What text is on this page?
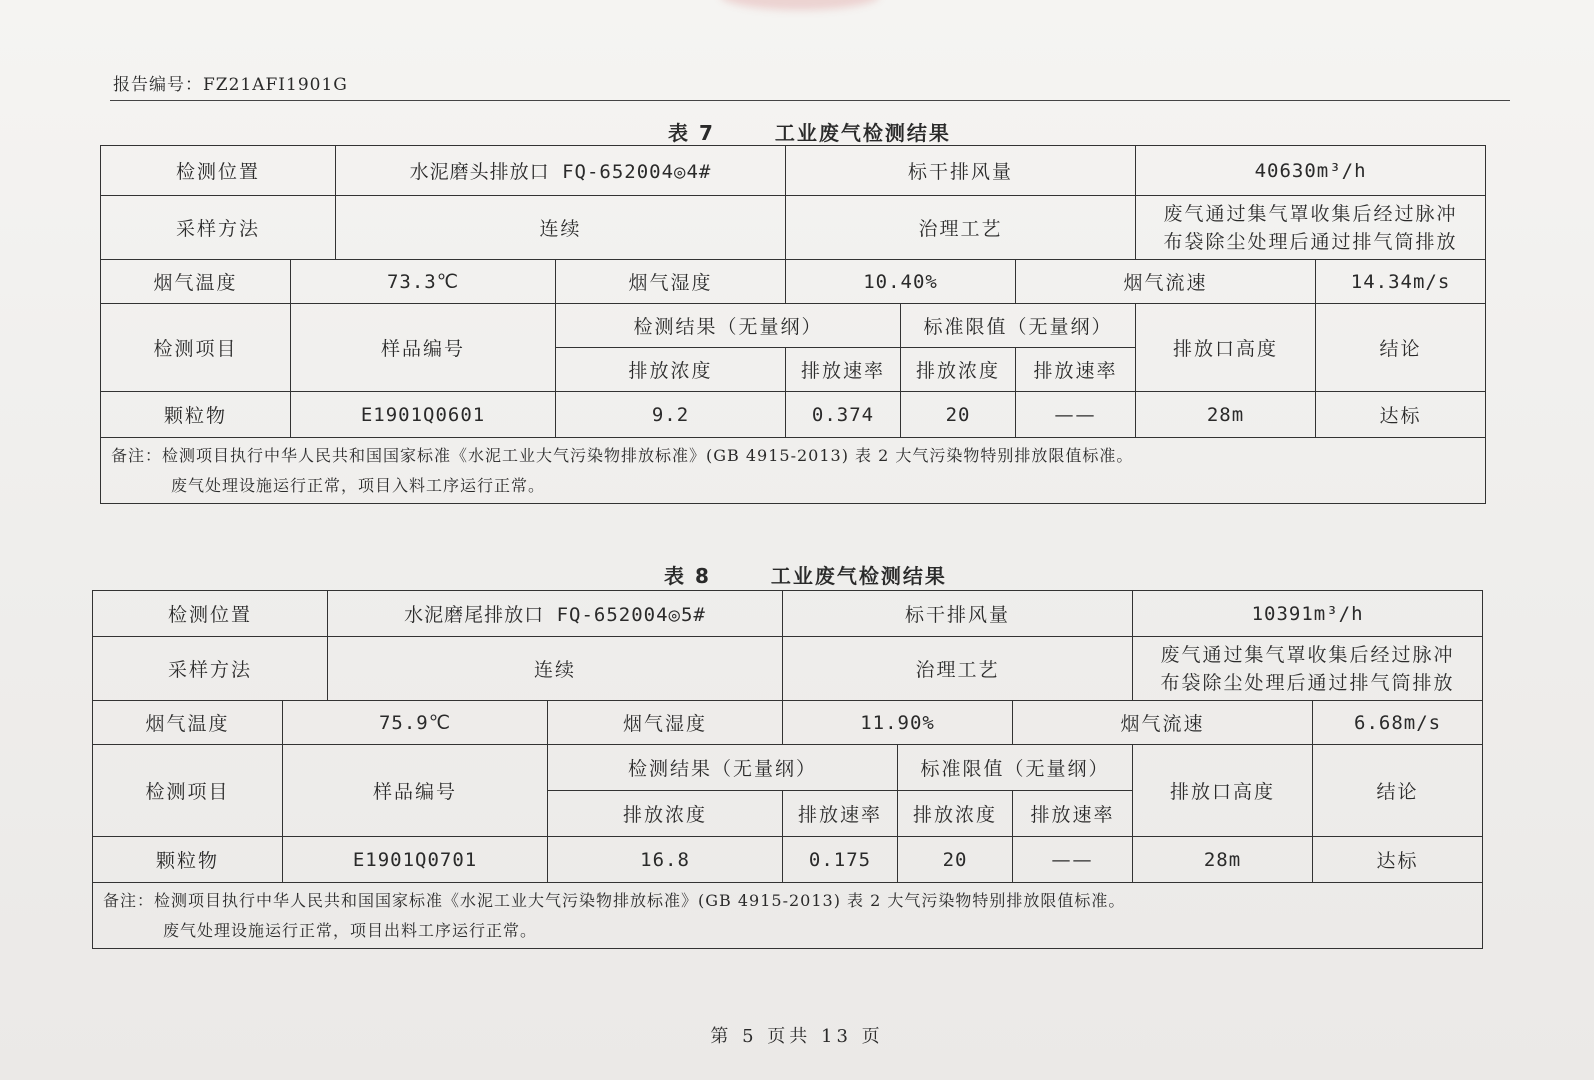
报告编号：FZ21AFI1901G
表 7	工业废气检测结果
检测位置		水泥磨头排放口 FQ-652004◎4#		标干排风量			40630m³/h	
采样方法		连续		治理工艺			废气通过集气罩收集后经过脉冲
布袋除尘处理后通过排气筒排放	

烟气温度	73.3℃		烟气湿度	10.40%		烟气流速		14.34m/s
检测项目	样品编号		检测结果（无量纲）		标准限值（无量纲）		排放口高度	结论
			排放浓度	排放速率	排放浓度	排放速率		
颗粒物	E1901Q0601		9.2	0.374	20	——	28m	达标
备注：检测项目执行中华人民共和国国家标准《水泥工业大气污染物排放标准》(GB 4915-2013) 表 2 大气污染物特别排放限值标准。
废气处理设施运行正常，项目入料工序运行正常。								
表 8	工业废气检测结果
检测位置		水泥磨尾排放口 FQ-652004◎5#		标干排风量			10391m³/h	
采样方法		连续		治理工艺			废气通过集气罩收集后经过脉冲
布袋除尘处理后通过排气筒排放	

烟气温度	75.9℃		烟气湿度	11.90%		烟气流速		6.68m/s
检测项目	样品编号		检测结果（无量纲）		标准限值（无量纲）		排放口高度	结论
			排放浓度	排放速率	排放浓度	排放速率		
颗粒物	E1901Q0701		16.8	0.175	20	——	28m	达标
备注：检测项目执行中华人民共和国国家标准《水泥工业大气污染物排放标准》(GB 4915-2013) 表 2 大气污染物特别排放限值标准。
废气处理设施运行正常，项目出料工序运行正常。								
第 5 页共 13 页
